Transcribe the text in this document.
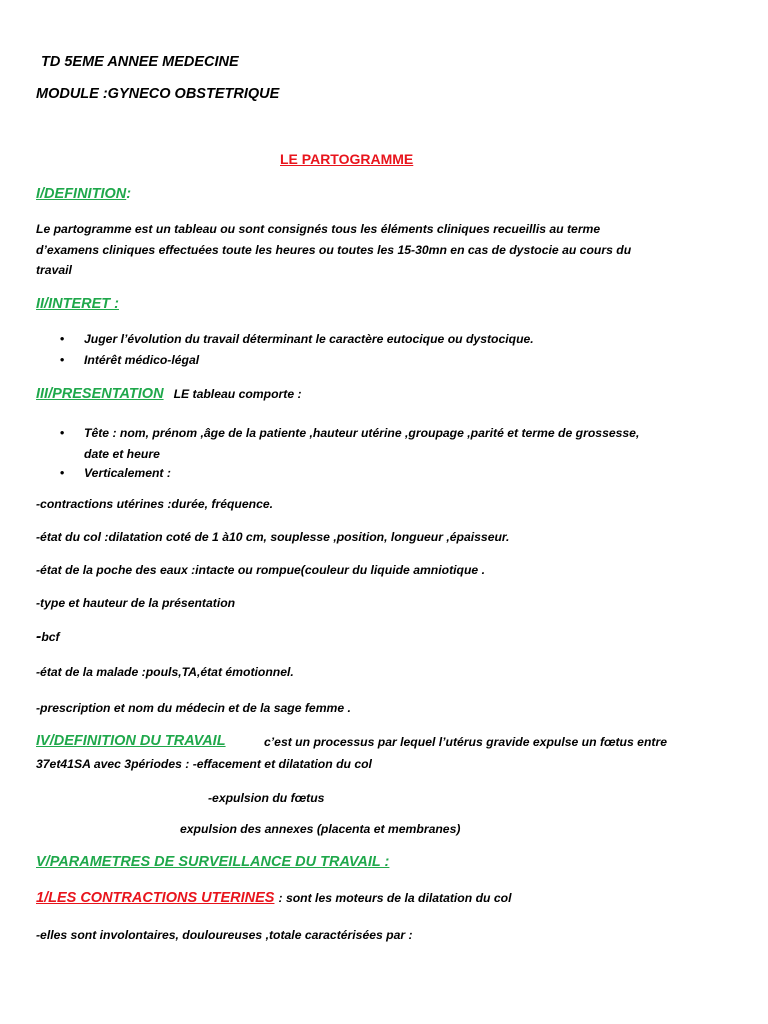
TD 5EME ANNEE MEDECINE
MODULE :GYNECO OBSTETRIQUE
LE PARTOGRAMME
I/DEFINITION:
Le partogramme est un tableau ou sont consignés tous les éléments cliniques recueillis au terme
d’examens cliniques effectuées toute les heures ou toutes les 15-30mn en cas de dystocie au cours du
travail
II/INTERET :
• Juger l’évolution du travail déterminant le caractère eutocique ou dystocique.
• Intérêt médico-légal
III/PRESENTATION LE tableau comporte :
• Tête : nom, prénom ,âge de la patiente ,hauteur utérine ,groupage ,parité et terme de grossesse,
date et heure
• Verticalement :
-contractions utérines :durée, fréquence.
-état du col :dilatation coté de 1 à10 cm, souplesse ,position, longueur ,épaisseur.
-état de la poche des eaux :intacte ou rompue(couleur du liquide amniotique .
-type et hauteur de la présentation
-bcf
-état de la malade :pouls,TA,état émotionnel.
-prescription et nom du médecin et de la sage femme .
IV/DEFINITION DU TRAVAIL	c’est un processus par lequel l’utérus gravide expulse un fœtus entre
37et41SA avec 3périodes : -effacement et dilatation du col
-expulsion du fœtus
expulsion des annexes (placenta et membranes)
V/PARAMETRES DE SURVEILLANCE DU TRAVAIL :
1/LES CONTRACTIONS UTERINES : sont les moteurs de la dilatation du col
-elles sont involontaires, douloureuses ,totale caractérisées par :
